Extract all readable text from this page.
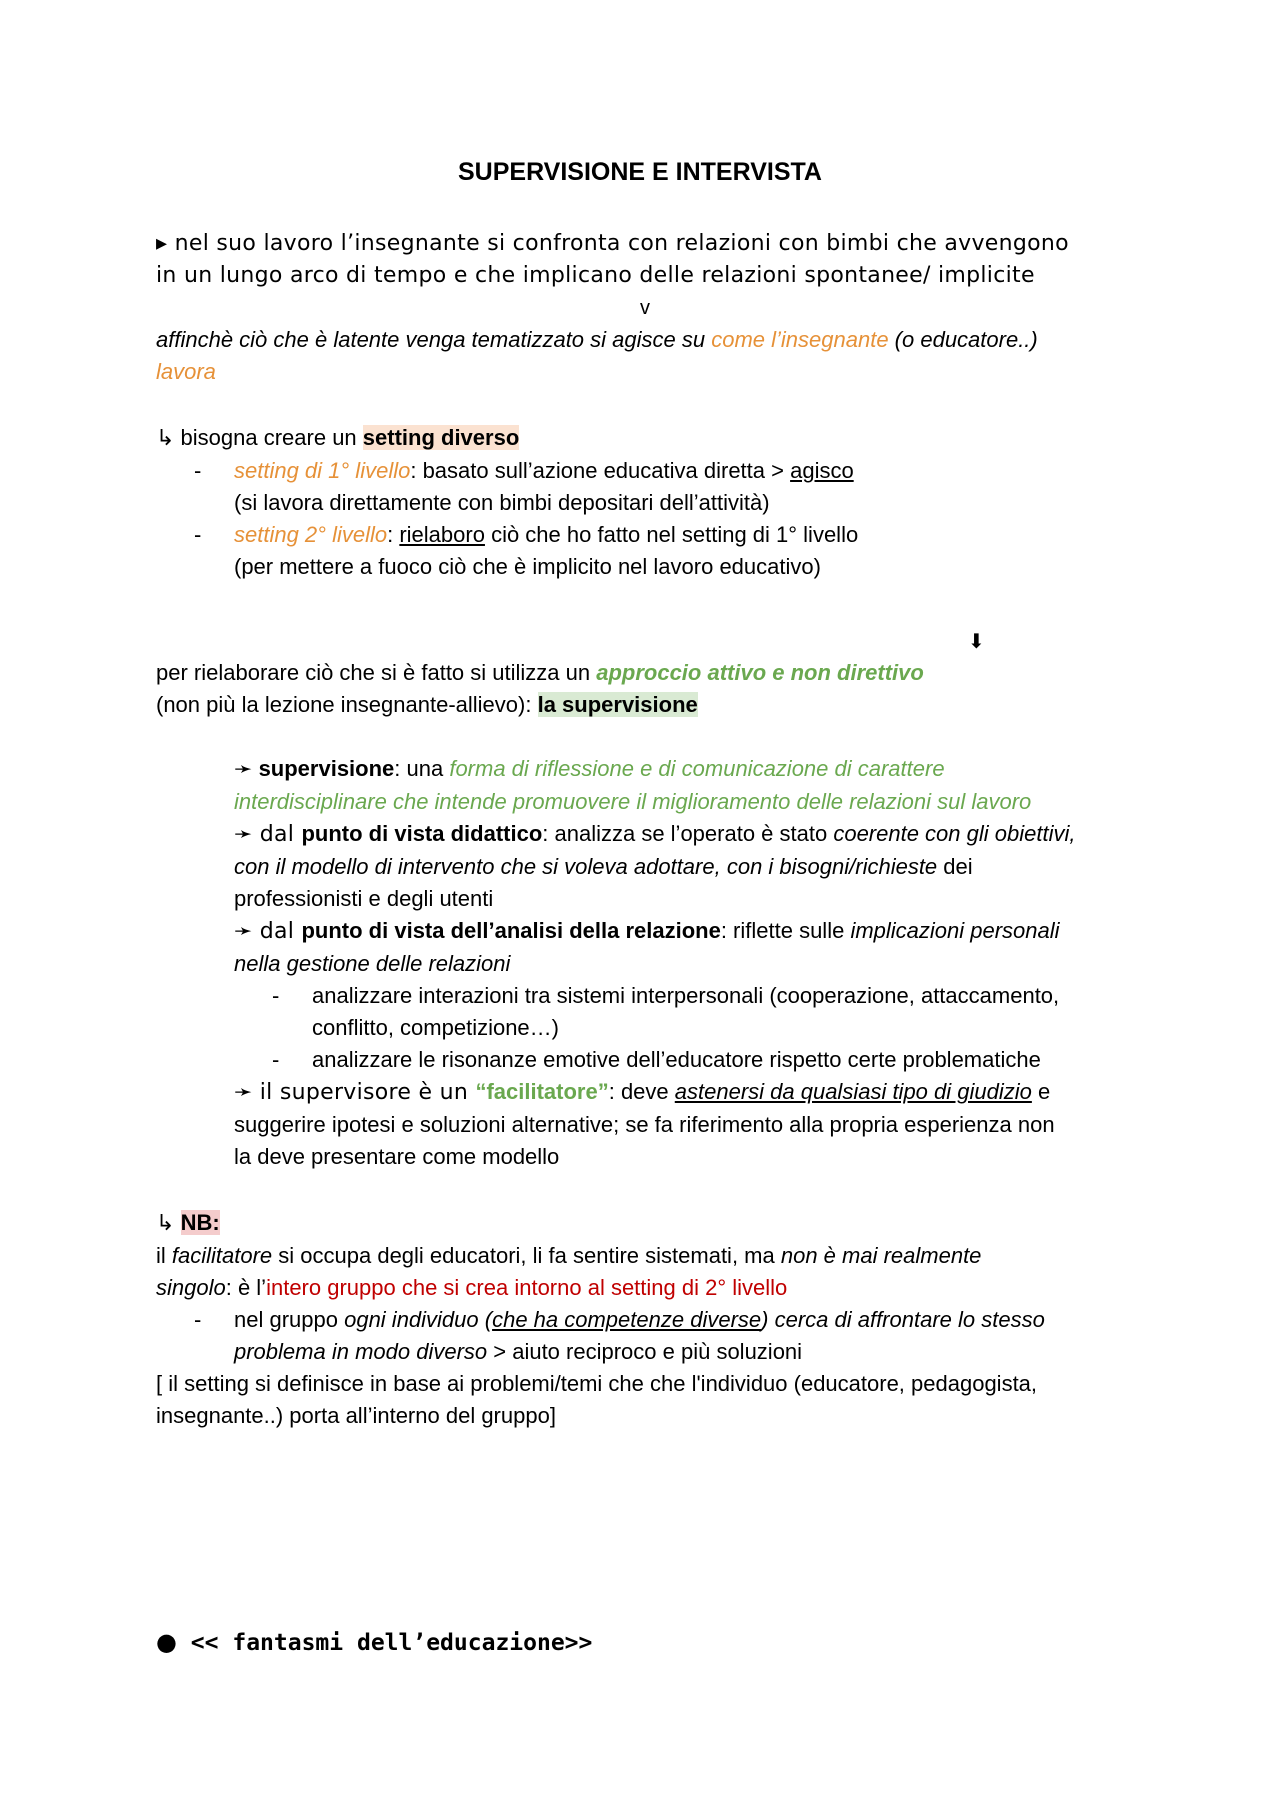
SUPERVISIONE E INTERVISTA
▸ nel suo lavoro l’insegnante si confronta con relazioni con bimbi che avvengono
in un lungo arco di tempo e che implicano delle relazioni spontanee/ implicite
v
affinchè ciò che è latente venga tematizzato si agisce su come l’insegnante (o educatore..)
lavora
↳ bisogna creare un setting diverso
- setting di 1° livello: basato sull’azione educativa diretta > agisco
(si lavora direttamente con bimbi depositari dell’attività)
- setting 2° livello: rielaboro ciò che ho fatto nel setting di 1° livello
(per mettere a fuoco ciò che è implicito nel lavoro educativo)
⬇
per rielaborare ciò che si è fatto si utilizza un approccio attivo e non direttivo
(non più la lezione insegnante-allievo): la supervisione
➛ supervisione: una forma di riflessione e di comunicazione di carattere
interdisciplinare che intende promuovere il miglioramento delle relazioni sul lavoro
➛ dal punto di vista didattico: analizza se l’operato è stato coerente con gli obiettivi,
con il modello di intervento che si voleva adottare, con i bisogni/richieste dei
professionisti e degli utenti
➛ dal punto di vista dell’analisi della relazione: riflette sulle implicazioni personali
nella gestione delle relazioni
- analizzare interazioni tra sistemi interpersonali (cooperazione, attaccamento,
conflitto, competizione…)
- analizzare le risonanze emotive dell’educatore rispetto certe problematiche
➛ il supervisore è un “facilitatore”: deve astenersi da qualsiasi tipo di giudizio e
suggerire ipotesi e soluzioni alternative; se fa riferimento alla propria esperienza non
la deve presentare come modello
↳ NB:
il facilitatore si occupa degli educatori, li fa sentire sistemati, ma non è mai realmente
singolo: è l’intero gruppo che si crea intorno al setting di 2° livello
- nel gruppo ogni individuo (che ha competenze diverse) cerca di affrontare lo stesso
problema in modo diverso > aiuto reciproco e più soluzioni
[ il setting si definisce in base ai problemi/temi che che l'individuo (educatore, pedagogista,
insegnante..) porta all’interno del gruppo]
● << fantasmi dell’educazione>>
